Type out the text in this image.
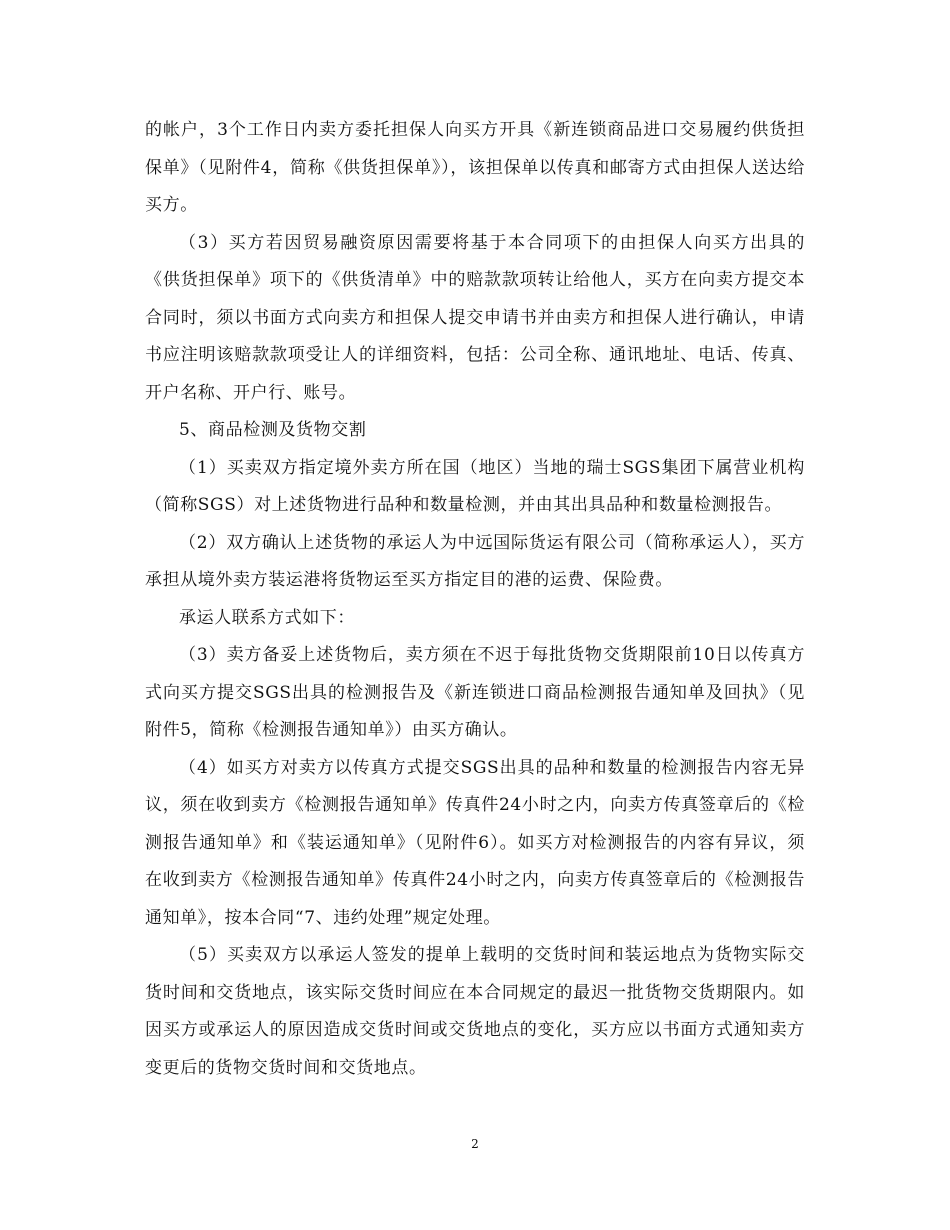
的帐户，3个工作日内卖方委托担保人向买方开具《新连锁商品进口交易履约供货担保单》（见附件4，简称《供货担保单》），该担保单以传真和邮寄方式由担保人送达给买方。

（3）买方若因贸易融资原因需要将基于本合同项下的由担保人向买方出具的《供货担保单》项下的《供货清单》中的赔款款项转让给他人，买方在向卖方提交本合同时，须以书面方式向卖方和担保人提交申请书并由卖方和担保人进行确认，申请书应注明该赔款款项受让人的详细资料，包括：公司全称、通讯地址、电话、传真、开户名称、开户行、账号。

5、商品检测及货物交割

（1）买卖双方指定境外卖方所在国（地区）当地的瑞士SGS集团下属营业机构（简称SGS）对上述货物进行品种和数量检测，并由其出具品种和数量检测报告。

（2）双方确认上述货物的承运人为中远国际货运有限公司（简称承运人），买方承担从境外卖方装运港将货物运至买方指定目的港的运费、保险费。

承运人联系方式如下：

（3）卖方备妥上述货物后，卖方须在不迟于每批货物交货期限前10日以传真方式向买方提交SGS出具的检测报告及《新连锁进口商品检测报告通知单及回执》（见附件5，简称《检测报告通知单》）由买方确认。

（4）如买方对卖方以传真方式提交SGS出具的品种和数量的检测报告内容无异议，须在收到卖方《检测报告通知单》传真件24小时之内，向卖方传真签章后的《检测报告通知单》和《装运通知单》（见附件6）。如买方对检测报告的内容有异议，须在收到卖方《检测报告通知单》传真件24小时之内，向卖方传真签章后的《检测报告通知单》，按本合同“7、违约处理”规定处理。

（5）买卖双方以承运人签发的提单上载明的交货时间和装运地点为货物实际交货时间和交货地点，该实际交货时间应在本合同规定的最迟一批货物交货期限内。如因买方或承运人的原因造成交货时间或交货地点的变化，买方应以书面方式通知卖方变更后的货物交货时间和交货地点。

2
